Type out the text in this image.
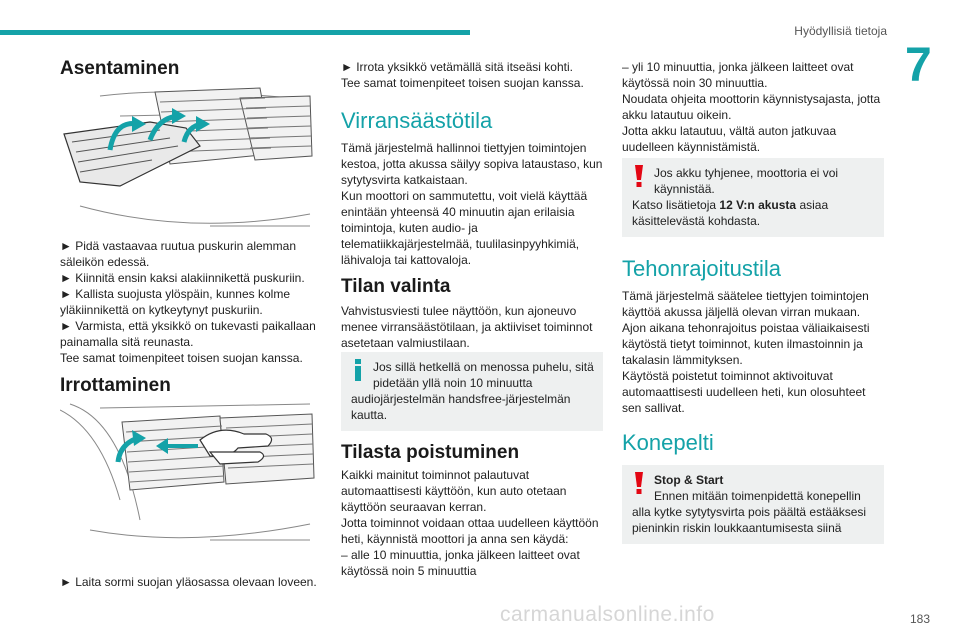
Hyödyllisiä tietoja
7
Asentaminen

► Pidä vastaavaa ruutua puskurin alemman säleikön edessä.

► Kiinnitä ensin kaksi alakiinnikettä puskuriin.

► Kallista suojusta ylöspäin, kunnes kolme yläkiinnikettä on kytkeytynyt puskuriin.

► Varmista, että yksikkö on tukevasti paikallaan painamalla sitä reunasta.

Tee samat toimenpiteet toisen suojan kanssa.

Irrottaminen
► Laita sormi suojan yläosassa olevaan loveen.

► Irrota yksikkö vetämällä sitä itseäsi kohti.

Tee samat toimenpiteet toisen suojan kanssa.

Virransäästötila

Tämä järjestelmä hallinnoi tiettyjen toimintojen kestoa, jotta akussa säilyy sopiva lataustaso, kun sytytysvirta katkaistaan.

Kun moottori on sammutettu, voit vielä käyttää enintään yhteensä 40 minuutin ajan erilaisia toimintoja, kuten audio- ja telematiikkajärjestelmää, tuulilasinpyyhkimiä, lähivaloja tai kattovaloja.

Tilan valinta
Vahvistusviesti tulee näyttöön, kun ajoneuvo menee virransäästötilaan, ja aktiiviset toiminnot asetetaan valmiustilaan.
Jos sillä hetkellä on menossa puhelu, sitä pidetään yllä noin 10 minuutta
audiojärjestelmän handsfree-järjestelmän kautta.
Tilasta poistuminen

Kaikki mainitut toiminnot palautuvat automaattisesti käyttöön, kun auto otetaan käyttöön seuraavan kerran.

Jotta toiminnot voidaan ottaa uudelleen käyttöön heti, käynnistä moottori ja anna sen käydä:

– alle 10 minuuttia, jonka jälkeen laitteet ovat käytössä noin 5 minuuttia

– yli 10 minuuttia, jonka jälkeen laitteet ovat käytössä noin 30 minuuttia.

Noudata ohjeita moottorin käynnistysajasta, jotta akku latautuu oikein.

Jotta akku latautuu, vältä auton jatkuvaa uudelleen käynnistämistä.

Jos akku tyhjenee, moottoria ei voi käynnistää.
Katso lisätietoja 12 V:n akusta asiaa käsittelevästä kohdasta.
Tehonrajoitustila

Tämä järjestelmä säätelee tiettyjen toimintojen käyttöä akussa jäljellä olevan virran mukaan.

Ajon aikana tehonrajoitus poistaa väliaikaisesti käytöstä tietyt toiminnot, kuten ilmastoinnin ja takalasin lämmityksen.

Käytöstä poistetut toiminnot aktivoituvat automaattisesti uudelleen heti, kun olosuhteet sen sallivat.

Konepelti
Stop & Start
Ennen mitään toimenpidettä konepellin
alla kytke sytytysvirta pois päältä estääksesi pieninkin riskin loukkaantumisesta siinä
carmanualsonline.info	183
